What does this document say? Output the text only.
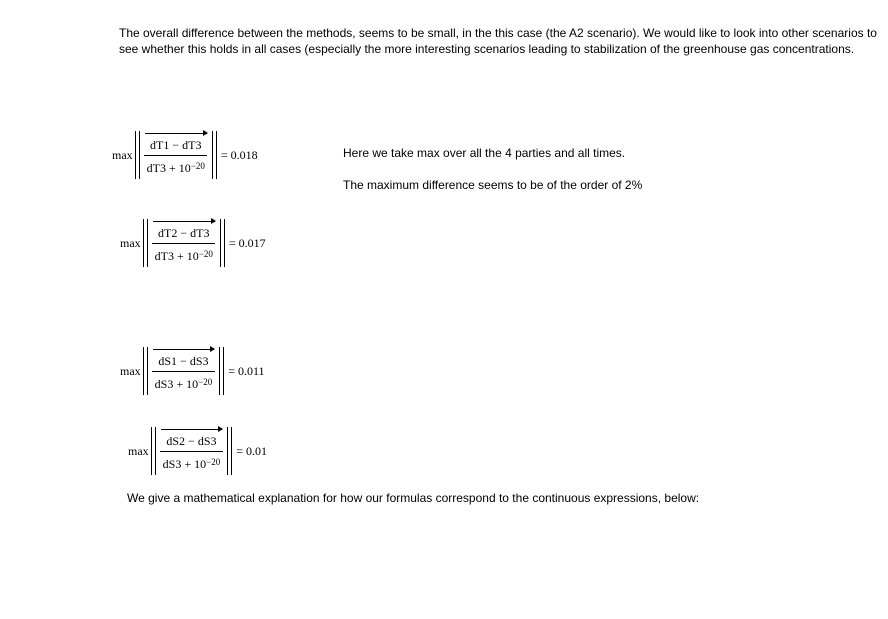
The overall difference between the methods, seems to be small, in the this case (the A2 scenario). We would like to look into other scenarios to see whether this holds in all cases (especially the more interesting scenarios leading to stabilization of the greenhouse gas concentrations.
$\max \frac{dT1 - dT3}{dT3 + 10^{-20}} = 0.018$	Here we take max over all the 4 parties and all times.
The maximum difference seems to be of the order of 2%
$\max \frac{dT2 - dT3}{dT3 + 10^{-20}} = 0.017$
$\max \frac{dS1 - dS3}{dS3 + 10^{-20}} = 0.011$
$\max \frac{dS2 - dS3}{dS3 + 10^{-20}} = 0.01$
We give a mathematical explanation for how our formulas correspond to the continuous expressions, below:
